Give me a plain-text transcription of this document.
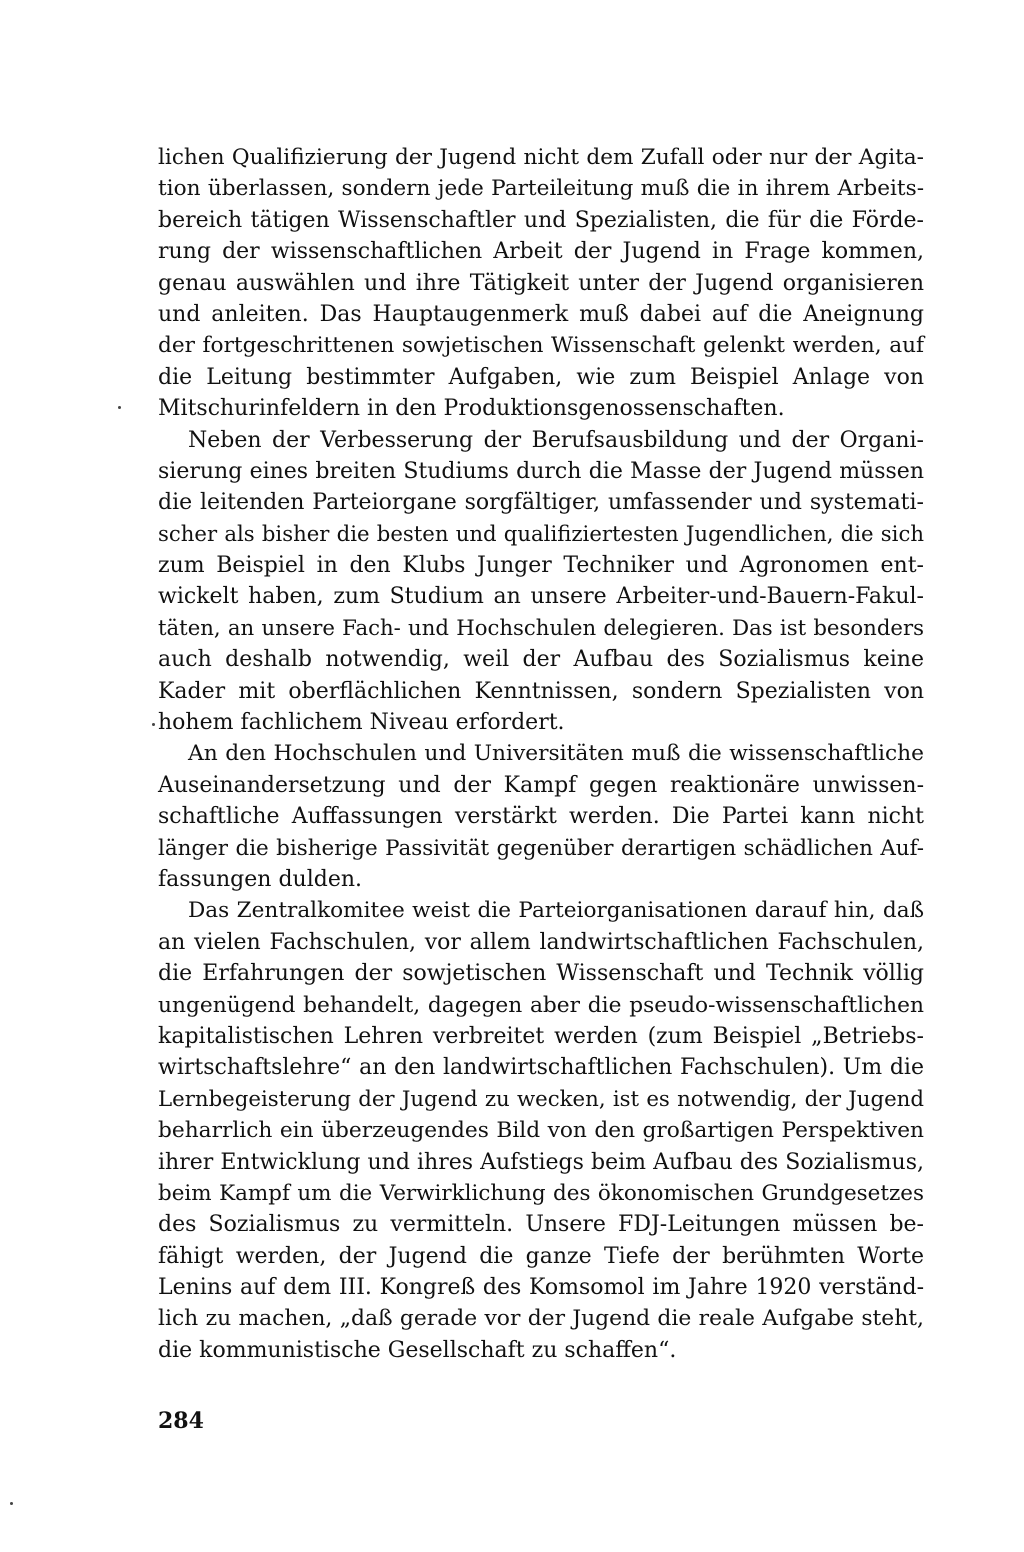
lichen Qualifizierung der Jugend nicht dem Zufall oder nur der Agita-
tion überlassen, sondern jede Parteileitung muß die in ihrem Arbeits-
bereich tätigen Wissenschaftler und Spezialisten, die für die Förde-
rung der wissenschaftlichen Arbeit der Jugend in Frage kommen,
genau auswählen und ihre Tätigkeit unter der Jugend organisieren
und anleiten. Das Hauptaugenmerk muß dabei auf die Aneignung
der fortgeschrittenen sowjetischen Wissenschaft gelenkt werden, auf
die Leitung bestimmter Aufgaben, wie zum Beispiel Anlage von
Mitschurinfeldern in den Produktionsgenossenschaften.
Neben der Verbesserung der Berufsausbildung und der Organi-
sierung eines breiten Studiums durch die Masse der Jugend müssen
die leitenden Parteiorgane sorgfältiger, umfassender und systemati-
scher als bisher die besten und qualifiziertesten Jugendlichen, die sich
zum Beispiel in den Klubs Junger Techniker und Agronomen ent-
wickelt haben, zum Studium an unsere Arbeiter-und-Bauern-Fakul-
täten, an unsere Fach- und Hochschulen delegieren. Das ist besonders
auch deshalb notwendig, weil der Aufbau des Sozialismus keine
Kader mit oberflächlichen Kenntnissen, sondern Spezialisten von
hohem fachlichem Niveau erfordert.
An den Hochschulen und Universitäten muß die wissenschaftliche
Auseinandersetzung und der Kampf gegen reaktionäre unwissen-
schaftliche Auffassungen verstärkt werden. Die Partei kann nicht
länger die bisherige Passivität gegenüber derartigen schädlichen Auf-
fassungen dulden.
Das Zentralkomitee weist die Parteiorganisationen darauf hin, daß
an vielen Fachschulen, vor allem landwirtschaftlichen Fachschulen,
die Erfahrungen der sowjetischen Wissenschaft und Technik völlig
ungenügend behandelt, dagegen aber die pseudo-wissenschaftlichen
kapitalistischen Lehren verbreitet werden (zum Beispiel „Betriebs-
wirtschaftslehre“ an den landwirtschaftlichen Fachschulen). Um die
Lernbegeisterung der Jugend zu wecken, ist es notwendig, der Jugend
beharrlich ein überzeugendes Bild von den großartigen Perspektiven
ihrer Entwicklung und ihres Aufstiegs beim Aufbau des Sozialismus,
beim Kampf um die Verwirklichung des ökonomischen Grundgesetzes
des Sozialismus zu vermitteln. Unsere FDJ-Leitungen müssen be-
fähigt werden, der Jugend die ganze Tiefe der berühmten Worte
Lenins auf dem III. Kongreß des Komsomol im Jahre 1920 verständ-
lich zu machen, „daß gerade vor der Jugend die reale Aufgabe steht,
die kommunistische Gesellschaft zu schaffen“.
284
